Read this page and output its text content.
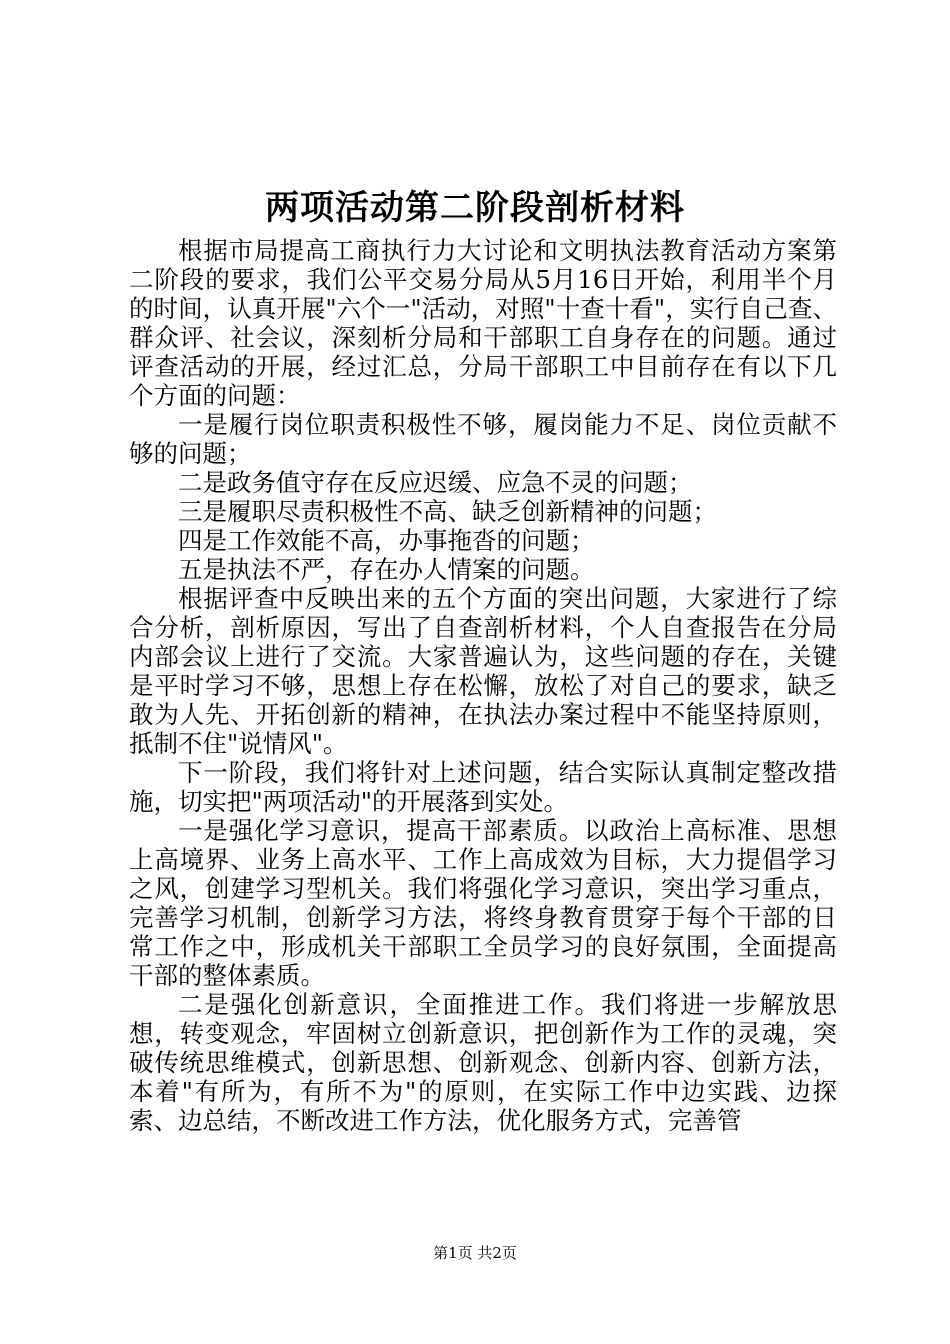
两项活动第二阶段剖析材料

根据市局提高工商执行力大讨论和文明执法教育活动方案第二阶段的要求，我们公平交易分局从5月16日开始，利用半个月的时间，认真开展"六个一"活动，对照"十查十看"，实行自己查、群众评、社会议，深刻析分局和干部职工自身存在的问题。通过评查活动的开展，经过汇总，分局干部职工中目前存在有以下几个方面的问题：

一是履行岗位职责积极性不够，履岗能力不足、岗位贡献不够的问题；

二是政务值守存在反应迟缓、应急不灵的问题；

三是履职尽责积极性不高、缺乏创新精神的问题；

四是工作效能不高，办事拖沓的问题；

五是执法不严，存在办人情案的问题。

根据评查中反映出来的五个方面的突出问题，大家进行了综合分析，剖析原因，写出了自查剖析材料，个人自查报告在分局内部会议上进行了交流。大家普遍认为，这些问题的存在，关键是平时学习不够，思想上存在松懈，放松了对自己的要求，缺乏敢为人先、开拓创新的精神，在执法办案过程中不能坚持原则，抵制不住"说情风"。

下一阶段，我们将针对上述问题，结合实际认真制定整改措施，切实把"两项活动"的开展落到实处。

一是强化学习意识，提高干部素质。以政治上高标准、思想上高境界、业务上高水平、工作上高成效为目标，大力提倡学习之风，创建学习型机关。我们将强化学习意识，突出学习重点，完善学习机制，创新学习方法，将终身教育贯穿于每个干部的日常工作之中，形成机关干部职工全员学习的良好氛围，全面提高干部的整体素质。

二是强化创新意识，全面推进工作。我们将进一步解放思想，转变观念，牢固树立创新意识，把创新作为工作的灵魂，突破传统思维模式，创新思想、创新观念、创新内容、创新方法，本着"有所为，有所不为"的原则，在实际工作中边实践、边探索、边总结，不断改进工作方法，优化服务方式，完善管

第1页 共2页
